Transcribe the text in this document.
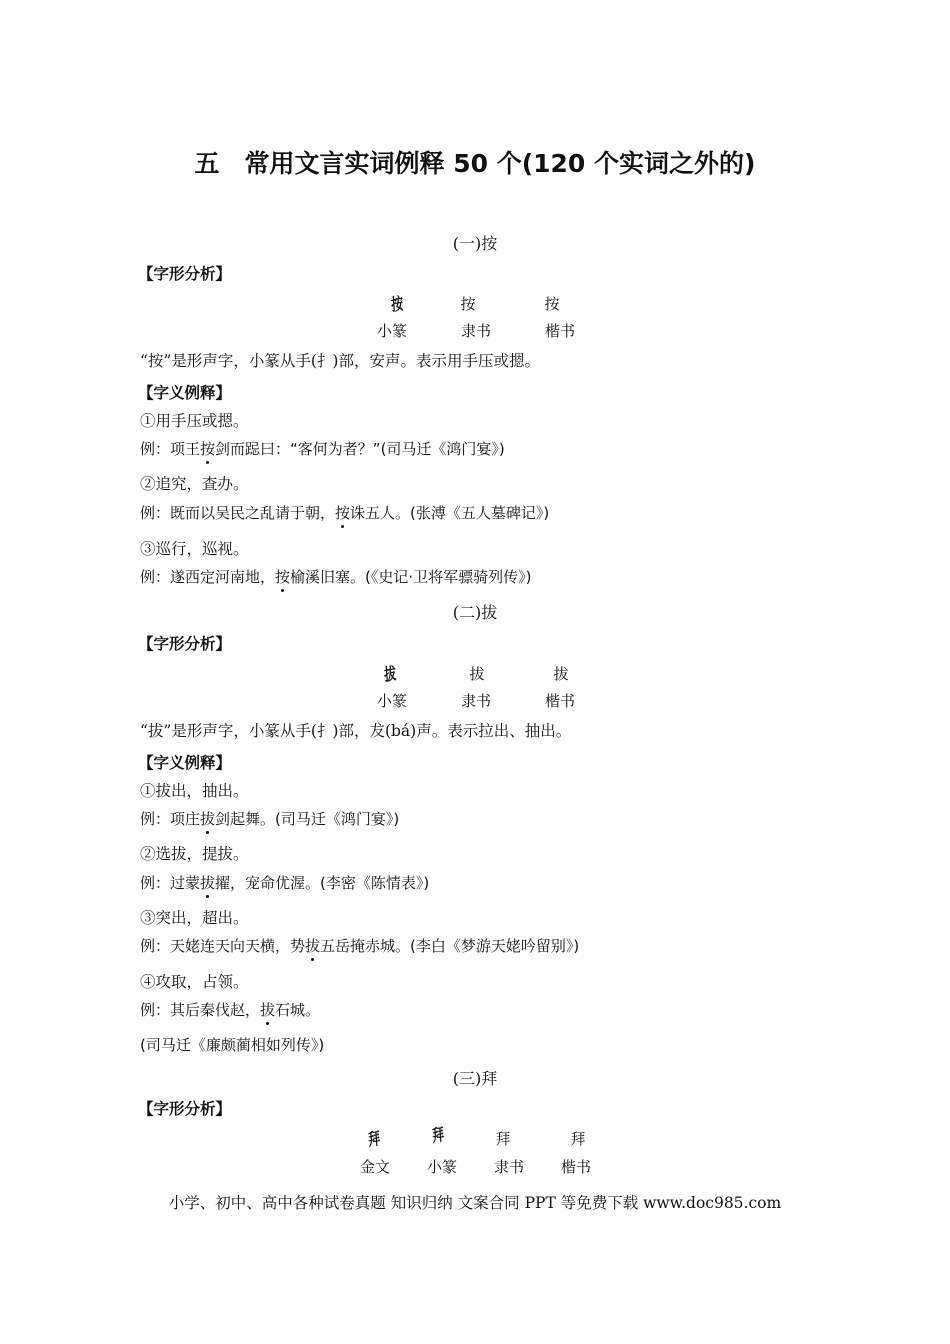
五　常用文言实词例释 50 个(120 个实词之外的)
(一)按
【字形分析】
按	按	按
小篆	隶书	楷书
“按”是形声字，小篆从手(扌)部，安声。表示用手压或摁。
【字义例释】
①用手压或摁。
例：项王按剑而跽曰：“客何为者？”(司马迁《鸿门宴》)
②追究，查办。
例：既而以吴民之乱请于朝，按诛五人。(张溥《五人墓碑记》)
③巡行，巡视。
例：遂西定河南地，按榆溪旧塞。(《史记·卫将军骠骑列传》)
(二)拔
【字形分析】
拔	拔	拔
小篆	隶书	楷书
“拔”是形声字，小篆从手(扌)部，犮(bá)声。表示拉出、抽出。
【字义例释】
①拔出，抽出。
例：项庄拔剑起舞。(司马迁《鸿门宴》)
②选拔，提拔。
例：过蒙拔擢，宠命优渥。(李密《陈情表》)
③突出，超出。
例：天姥连天向天横，势拔五岳掩赤城。(李白《梦游天姥吟留别》)
④攻取，占领。
例：其后秦伐赵，拔石城。
(司马迁《廉颇蔺相如列传》)
(三)拜
【字形分析】
拜	拜	拜	拜
金文	小篆	隶书	楷书
小学、初中、高中各种试卷真题 知识归纳 文案合同 PPT 等免费下载 www.doc985.com
